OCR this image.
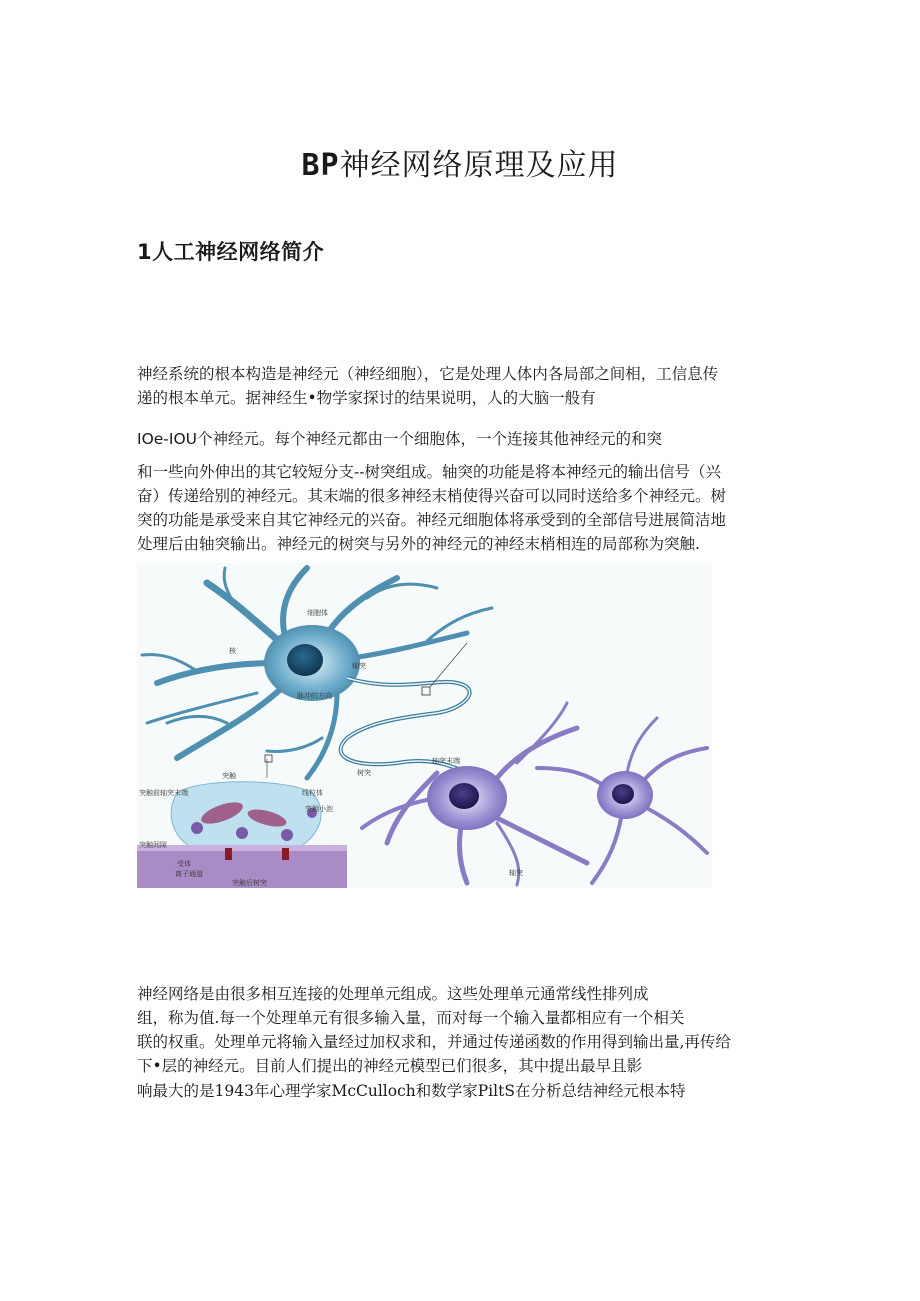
BP神经网络原理及应用
1人工神经网络简介
神经系统的根本构造是神经元（神经细胞），它是处理人体内各局部之间相，工信息传
递的根本单元。据神经生•物学家探讨的结果说明，人的大脑一般有
IOe-IOU个神经元。每个神经元都由一个细胞体，一个连接其他神经元的和突
和一些向外伸出的其它较短分支--树突组成。轴突的功能是将本神经元的输出信号（兴
奋）传递给别的神经元。其末端的很多神经末梢使得兴奋可以同时送给多个神经元。树
突的功能是承受来自其它神经元的兴奋。神经元细胞体将承受到的全部信号进展简洁地
处理后由轴突输出。神经元的树突与另外的神经元的神经末梢相连的局部称为突触.
细胞体
核
轴突
脉冲的方向
突触	树突
轴突末端
突触前轴突末端	线粒体
突触小泡
突触间隙
受体
离子通道
突触后树突
轴突
神经网络是由很多相互连接的处理单元组成。这些处理单元通常线性排列成
组，称为值.每一个处理单元有很多输入量，而对每一个输入量都相应有一个相关
联的权重。处理单元将输入量经过加权求和，并通过传递函数的作用得到输出量,再传给
下•层的神经元。目前人们提出的神经元模型已们很多，其中提出最早且影
响最大的是1943年心理学家McCulloch和数学家PiltS在分析总结神经元根本特
